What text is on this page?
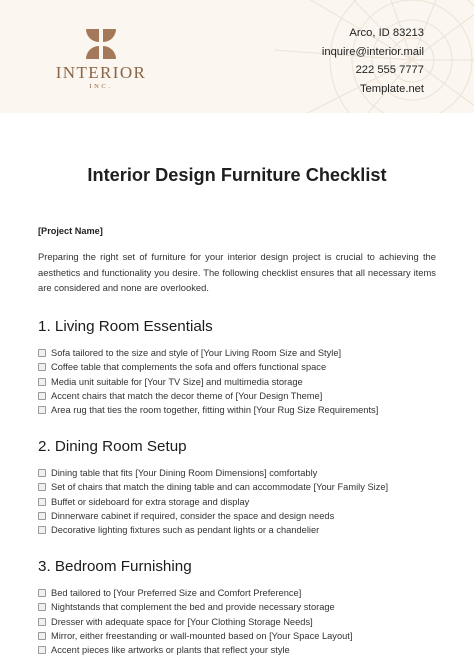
INTERIOR
INC.
Arco, ID 83213
inquire@interior.mail
222 555 7777
Template.net
Interior Design Furniture Checklist
[Project Name]
Preparing the right set of furniture for your interior design project is crucial to achieving the aesthetics and functionality you desire. The following checklist ensures that all necessary items are considered and none are overlooked.
1. Living Room Essentials
Sofa tailored to the size and style of [Your Living Room Size and Style]
Coffee table that complements the sofa and offers functional space
Media unit suitable for [Your TV Size] and multimedia storage
Accent chairs that match the decor theme of [Your Design Theme]
Area rug that ties the room together, fitting within [Your Rug Size Requirements]
2. Dining Room Setup
Dining table that fits [Your Dining Room Dimensions] comfortably
Set of chairs that match the dining table and can accommodate [Your Family Size]
Buffet or sideboard for extra storage and display
Dinnerware cabinet if required, consider the space and design needs
Decorative lighting fixtures such as pendant lights or a chandelier
3. Bedroom Furnishing
Bed tailored to [Your Preferred Size and Comfort Preference]
Nightstands that complement the bed and provide necessary storage
Dresser with adequate space for [Your Clothing Storage Needs]
Mirror, either freestanding or wall-mounted based on [Your Space Layout]
Accent pieces like artworks or plants that reflect your style
